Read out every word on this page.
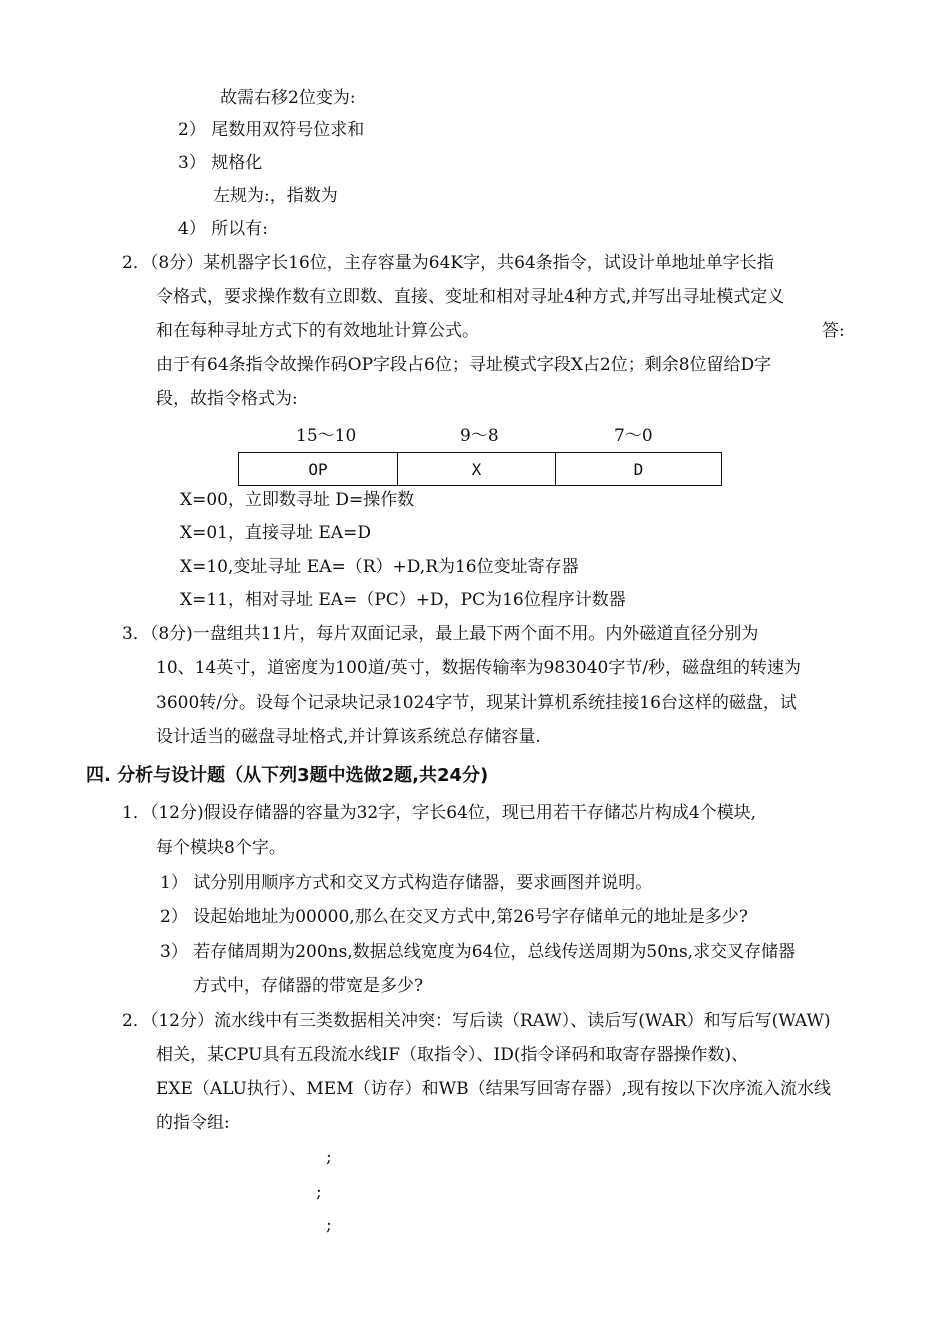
故需右移2位变为:
2） 尾数用双符号位求和
3） 规格化
左规为:，指数为
4） 所以有:
2．（8分）某机器字长16位，主存容量为64K字，共64条指令，试设计单地址单字长指
令格式，要求操作数有立即数、直接、变址和相对寻址4种方式,并写出寻址模式定义
和在每种寻址方式下的有效地址计算公式。	答:
由于有64条指令故操作码OP字段占6位；寻址模式字段X占2位；剩余8位留给D字
段，故指令格式为:
15～10	9～8	7～0
OP	X	D
X=00，立即数寻址 D=操作数
X=01，直接寻址 EA=D
X=10,变址寻址 EA=（R）+D,R为16位变址寄存器
X=11，相对寻址 EA=（PC）+D，PC为16位程序计数器
3．（8分)一盘组共11片，每片双面记录，最上最下两个面不用。内外磁道直径分别为
10、14英寸，道密度为100道/英寸，数据传输率为983040字节/秒，磁盘组的转速为
3600转/分。设每个记录块记录1024字节，现某计算机系统挂接16台这样的磁盘，试
设计适当的磁盘寻址格式,并计算该系统总存储容量.
四. 分析与设计题（从下列3题中选做2题,共24分)
1．（12分)假设存储器的容量为32字，字长64位，现已用若干存储芯片构成4个模块,
每个模块8个字。
1） 试分别用顺序方式和交叉方式构造存储器，要求画图并说明。
2） 设起始地址为00000,那么在交叉方式中,第26号字存储单元的地址是多少?
3） 若存储周期为200ns,数据总线宽度为64位，总线传送周期为50ns,求交叉存储器
方式中，存储器的带宽是多少?
2．（12分）流水线中有三类数据相关冲突：写后读（RAW）、读后写(WAR）和写后写(WAW)
相关，某CPU具有五段流水线IF（取指令）、ID(指令译码和取寄存器操作数)、
EXE（ALU执行）、MEM（访存）和WB（结果写回寄存器）,现有按以下次序流入流水线
的指令组:
;
;
;
